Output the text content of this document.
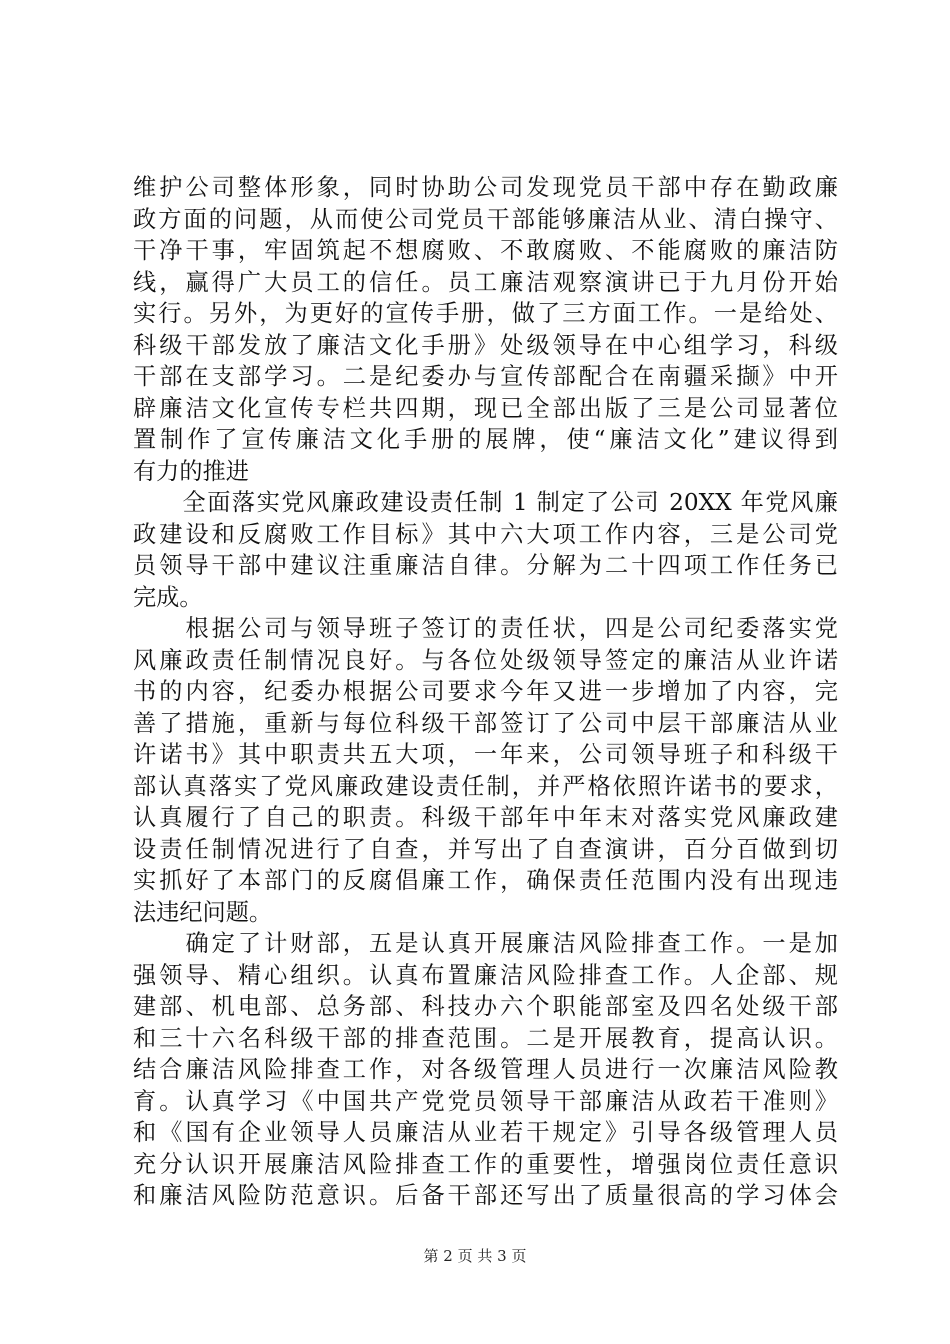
维护公司整体形象，同时协助公司发现党员干部中存在勤政廉
政方面的问题，从而使公司党员干部能够廉洁从业、清白操守、
干净干事，牢固筑起不想腐败、不敢腐败、不能腐败的廉洁防
线，赢得广大员工的信任。员工廉洁观察演讲已于九月份开始
实行。另外，为更好的宣传手册，做了三方面工作。一是给处、
科级干部发放了廉洁文化手册》处级领导在中心组学习，科级
干部在支部学习。二是纪委办与宣传部配合在南疆采撷》中开
辟廉洁文化宣传专栏共四期，现已全部出版了三是公司显著位
置制作了宣传廉洁文化手册的展牌，使“廉洁文化”建议得到
有力的推进
　　全面落实党风廉政建设责任制 1 制定了公司 20XX 年党风廉
政建设和反腐败工作目标》其中六大项工作内容，三是公司党
员领导干部中建议注重廉洁自律。分解为二十四项工作任务已
完成。
　　根据公司与领导班子签订的责任状，四是公司纪委落实党
风廉政责任制情况良好。与各位处级领导签定的廉洁从业许诺
书的内容，纪委办根据公司要求今年又进一步增加了内容，完
善了措施，重新与每位科级干部签订了公司中层干部廉洁从业
许诺书》其中职责共五大项，一年来，公司领导班子和科级干
部认真落实了党风廉政建设责任制，并严格依照许诺书的要求，
认真履行了自己的职责。科级干部年中年末对落实党风廉政建
设责任制情况进行了自查，并写出了自查演讲，百分百做到切
实抓好了本部门的反腐倡廉工作，确保责任范围内没有出现违
法违纪问题。
　　确定了计财部，五是认真开展廉洁风险排查工作。一是加
强领导、精心组织。认真布置廉洁风险排查工作。人企部、规
建部、机电部、总务部、科技办六个职能部室及四名处级干部
和三十六名科级干部的排查范围。二是开展教育，提高认识。
结合廉洁风险排查工作，对各级管理人员进行一次廉洁风险教
育。认真学习《中国共产党党员领导干部廉洁从政若干准则》
和《国有企业领导人员廉洁从业若干规定》引导各级管理人员
充分认识开展廉洁风险排查工作的重要性，增强岗位责任意识
和廉洁风险防范意识。后备干部还写出了质量很高的学习体会
第 2 页 共 3 页
